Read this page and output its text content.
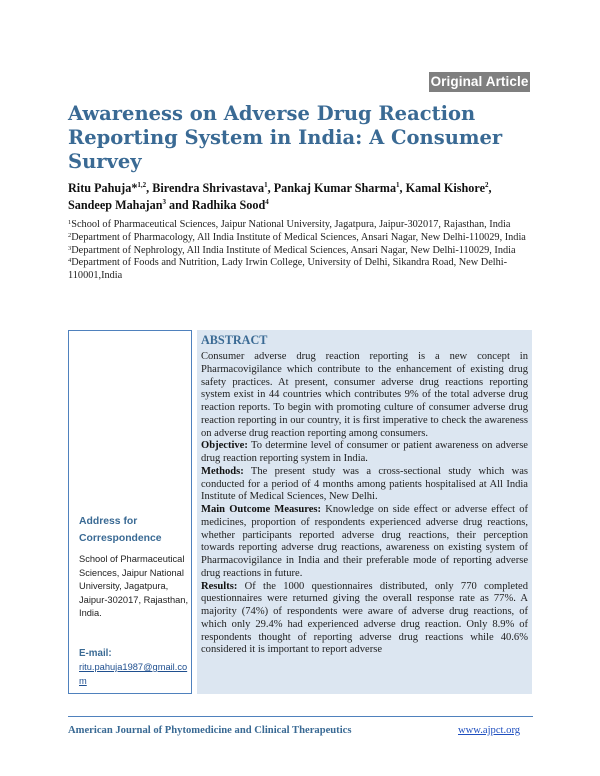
Original Article
Awareness on Adverse Drug Reaction Reporting System in India: A Consumer Survey

Ritu Pahuja*$^{1,2}$, Birendra Shrivastava$^1$, Pankaj Kumar Sharma$^1$, Kamal Kishore$^2$, Sandeep Mahajan$^3$ and Radhika Sood$^4$

$^1$School of Pharmaceutical Sciences, Jaipur National University, Jagatpura, Jaipur-302017, Rajasthan, India

$^2$Department of Pharmacology, All India Institute of Medical Sciences, Ansari Nagar, New Delhi-110029, India

$^3$Department of Nephrology, All India Institute of Medical Sciences, Ansari Nagar, New Delhi-110029, India

$^4$Department of Foods and Nutrition, Lady Irwin College, University of Delhi, Sikandra Road, New Delhi-110001,India

Address for Correspondence

School of Pharmaceutical Sciences, Jaipur National University, Jagatpura, Jaipur-302017, Rajasthan, India.

E-mail:

ritu.pahuja1987@gmail.com

ABSTRACT

Consumer adverse drug reaction reporting is a new concept in Pharmacovigilance which contribute to the enhancement of existing drug safety practices. At present, consumer adverse drug reactions reporting system exist in 44 countries which contributes 9% of the total adverse drug reaction reports. To begin with promoting culture of consumer adverse drug reaction reporting in our country, it is first imperative to check the awareness on adverse drug reaction reporting among consumers.

Objective: To determine level of consumer or patient awareness on adverse drug reaction reporting system in India.

Methods: The present study was a cross-sectional study which was conducted for a period of 4 months among patients hospitalised at All India Institute of Medical Sciences, New Delhi.

Main Outcome Measures: Knowledge on side effect or adverse effect of medicines, proportion of respondents experienced adverse drug reactions, whether participants reported adverse drug reactions, their perception towards reporting adverse drug reactions, awareness on existing system of Pharmacovigilance in India and their preferable mode of reporting adverse drug reactions in future.

Results: Of the 1000 questionnaires distributed, only 770 completed questionnaires were returned giving the overall response rate as 77%. A majority (74%) of respondents were aware of adverse drug reactions, of which only 29.4% had experienced adverse drug reaction. Only 8.9% of respondents thought of reporting adverse drug reactions while 40.6% considered it is important to report adverse

American Journal of Phytomedicine and Clinical Therapeutics	www.ajpct.org
